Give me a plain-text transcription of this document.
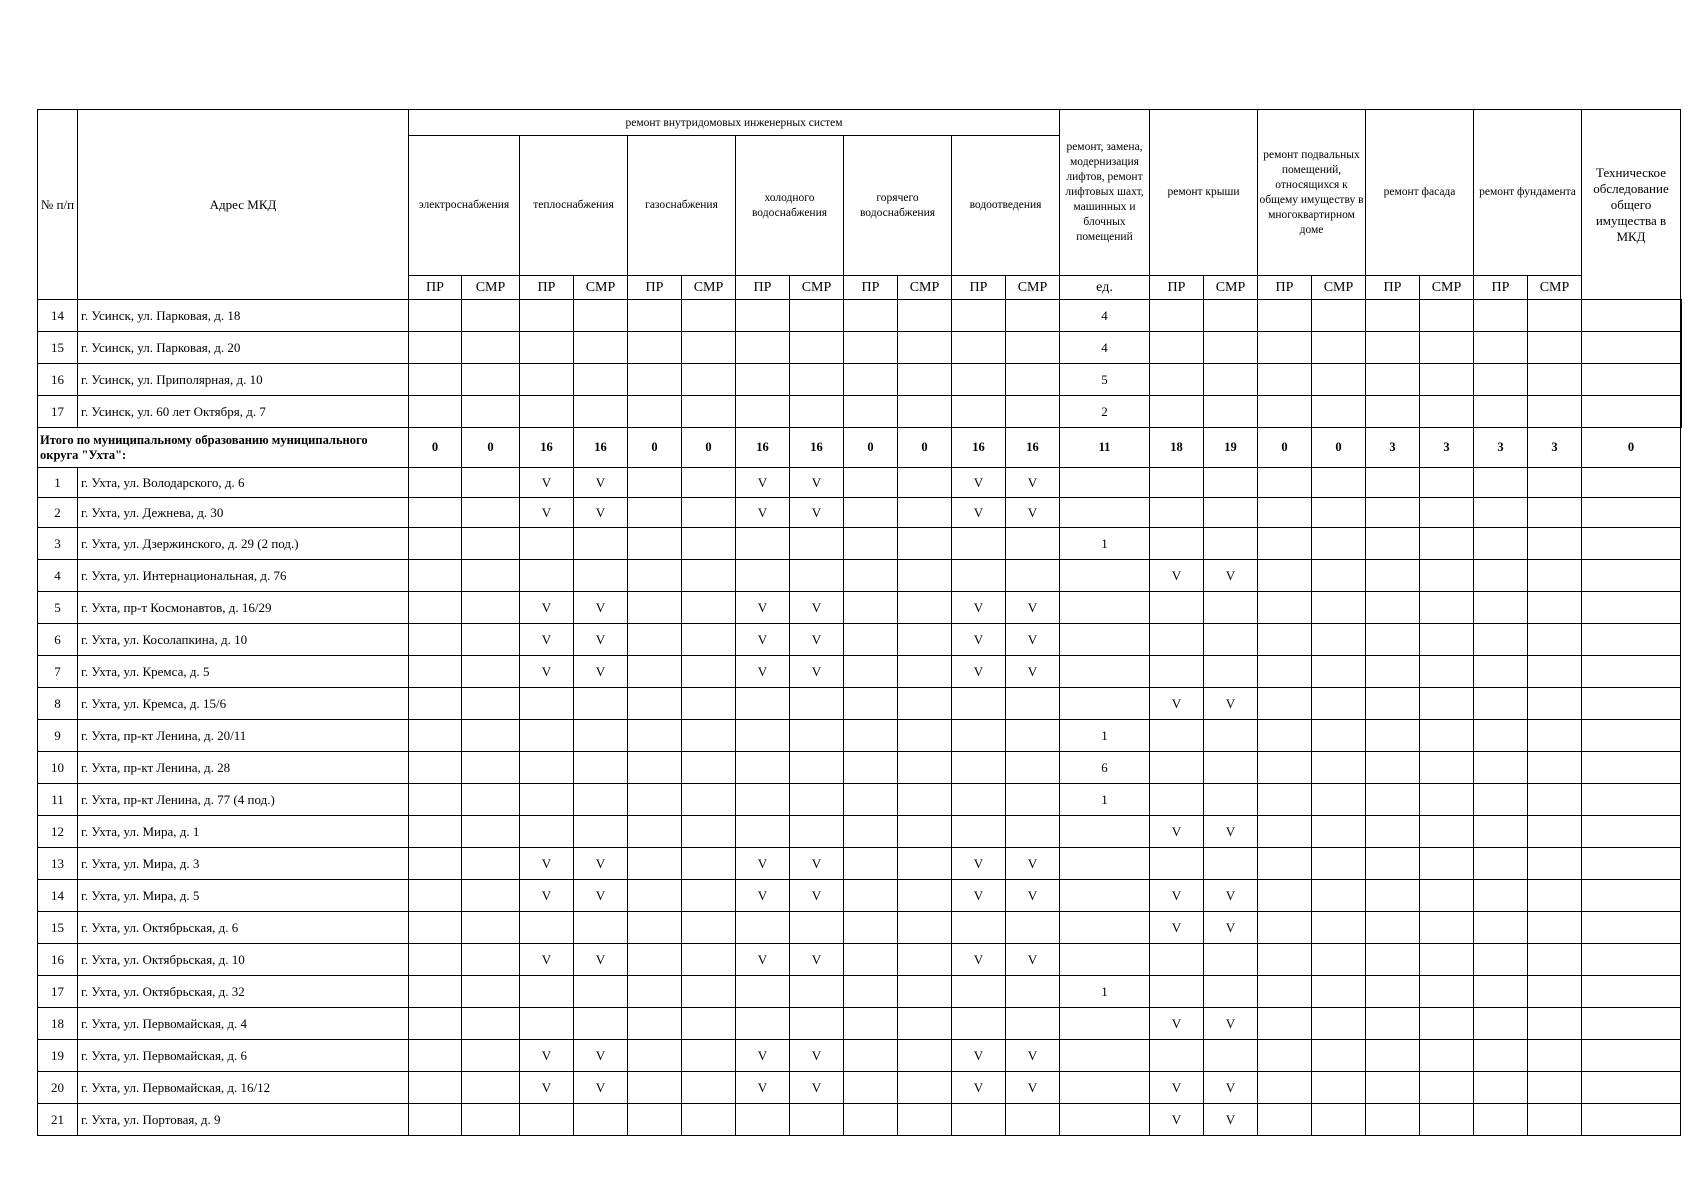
№ п/п	Адрес МКД	ремонт внутридомовых инженерных систем												ремонт, замена, модернизация лифтов, ремонт лифтовых шахт, машинных и блочных помещений	ремонт крыши		ремонт подвальных помещений, относящихся к общему имуществу в многоквартирном доме		ремонт фасада		ремонт фундамента		Техническое обследование общего имущества в МКД	
		электроснабжения		теплоснабжения		газоснабжения		холодного водоснабжения		горячего водоснабжения		водоотведения												
		ПР	СМР	ПР	СМР	ПР	СМР	ПР	СМР	ПР	СМР	ПР	СМР	ед.	ПР	СМР	ПР	СМР	ПР	СМР	ПР	СМР		
14	г. Усинск, ул. Парковая, д. 18													4										
15	г. Усинск, ул. Парковая, д. 20													4										
16	г. Усинск, ул. Приполярная, д. 10													5										
17	г. Усинск, ул. 60 лет Октября, д. 7													2										
Итого по муниципальному образованию муниципального округа "Ухта":		0	0	16	16	0	0	16	16	0	0	16	16	11	18	19	0	0	3	3	3	3	0	
1	г. Ухта, ул. Володарского, д. 6			V	V			V	V			V	V											
2	г. Ухта, ул. Дежнева, д. 30			V	V			V	V			V	V											
3	г. Ухта, ул. Дзержинского, д. 29 (2 под.)													1										
4	г. Ухта, ул. Интернациональная, д. 76														V	V								
5	г. Ухта, пр-т Космонавтов, д. 16/29			V	V			V	V			V	V											
6	г. Ухта, ул. Косолапкина, д. 10			V	V			V	V			V	V											
7	г. Ухта, ул. Кремса, д. 5			V	V			V	V			V	V											
8	г. Ухта, ул. Кремса, д. 15/6														V	V								
9	г. Ухта, пр-кт Ленина, д. 20/11													1										
10	г. Ухта, пр-кт Ленина, д. 28													6										
11	г. Ухта, пр-кт Ленина, д. 77 (4 под.)													1										
12	г. Ухта, ул. Мира, д. 1														V	V								
13	г. Ухта, ул. Мира, д. 3			V	V			V	V			V	V											
14	г. Ухта, ул. Мира, д. 5			V	V			V	V			V	V		V	V								
15	г. Ухта, ул. Октябрьская, д. 6														V	V								
16	г. Ухта, ул. Октябрьская, д. 10			V	V			V	V			V	V											
17	г. Ухта, ул. Октябрьская, д. 32													1										
18	г. Ухта, ул. Первомайская, д. 4														V	V								
19	г. Ухта, ул. Первомайская, д. 6			V	V			V	V			V	V											
20	г. Ухта, ул. Первомайская, д. 16/12			V	V			V	V			V	V		V	V								
21	г. Ухта, ул. Портовая, д. 9														V	V								
